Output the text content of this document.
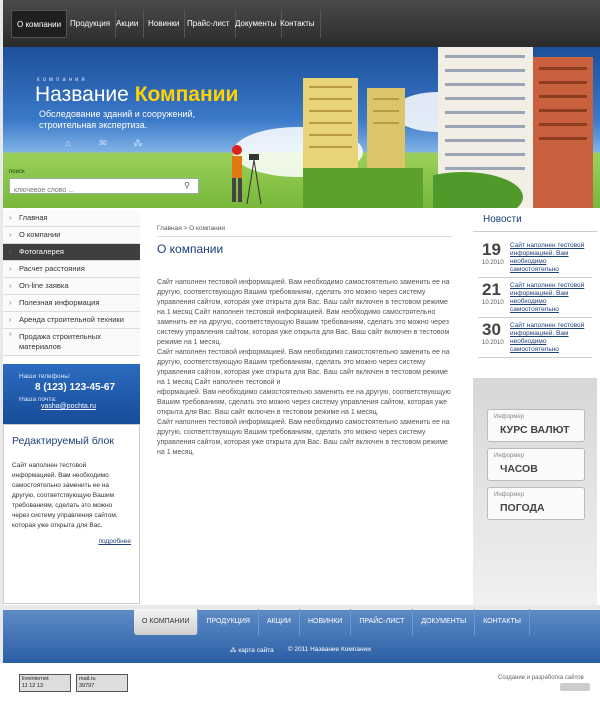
О компании	Продукция Акции	Новинки Прайс-лист Документы Контакты
компания
Название Компании
Обследование зданий и сооружений, строительная экспертиза.
⌂	✉	⁂
поиск
ключевое слово ...
⚲
› Главная
› О компании
› Фотогалерея
› Расчет расстояния
› On-line заявка
› Полезная информация
› Аренда строительной техники
› Продажа строительных материалов
Наши телефоны:
8 (123) 123-45-67
Наша почта:
vasha@pochta.ru
Редактируемый блок

Сайт наполнен тестовой информацией. Вам необходимо самостоятельно заменить ее на другую, соответствующую Вашим требованиям, сделать это можно через систему управления сайтом, которая уже открыта для Вас.

подробнее
Главная > О компании
О компании

Сайт наполнен тестовой информацией. Вам необходимо самостоятельно заменить ее на другую, соответствующую Вашим требованиям, сделать это можно через систему управления сайтом, которая уже открыта для Вас. Ваш сайт включен в тестовом режиме на 1 месяц Сайт наполнен тестовой информацией. Вам необходимо самостоятельно заменить ее на другую, соответствующую Вашим требованиям, сделать это можно через систему управления сайтом, которая уже открыта для Вас. Ваш сайт включен в тестовом режиме на 1 месяц.

Сайт наполнен тестовой информацией. Вам необходимо самостоятельно заменить ее на другую, соответствующую Вашим требованиям, сделать это можно через систему управления сайтом, которая уже открыта для Вас. Ваш сайт включен в тестовом режиме на 1 месяц Сайт наполнен тестовой и

нформацией. Вам необходимо самостоятельно заменить ее на другую, соответствующую Вашим требованиям, сделать это можно через систему управления сайтом, которая уже открыта для Вас. Ваш сайт включен в тестовом режиме на 1 месяц.

Сайт наполнен тестовой информацией. Вам необходимо самостоятельно заменить ее на другую, соответствующую Вашим требованиям, сделать это можно через систему управления сайтом, которая уже открыта для Вас. Ваш сайт включен в тестовом режиме на 1 месяц.

Новости
19
10.2010
Сайт наполнен тестовой информацией. Вам необходимо самостоятельно
21
10.2010
Сайт наполнен тестовой информацией. Вам необходимо самостоятельно
30
10.2010
Сайт наполнен тестовой информацией. Вам необходимо самостоятельно
Информер
КУРС ВАЛЮТ
Информер
ЧАСОВ
Информер
ПОГОДА
О КОМПАНИИ	ПРОДУКЦИЯ	АКЦИИ	НОВИНКИ	ПРАЙС-ЛИСТ	ДОКУМЕНТЫ	КОНТАКТЫ
⁂ карта сайта © 2011 Название Компании
liveinternet
11 12 13
mail.ru
39797
Создание и разработка сайтов
